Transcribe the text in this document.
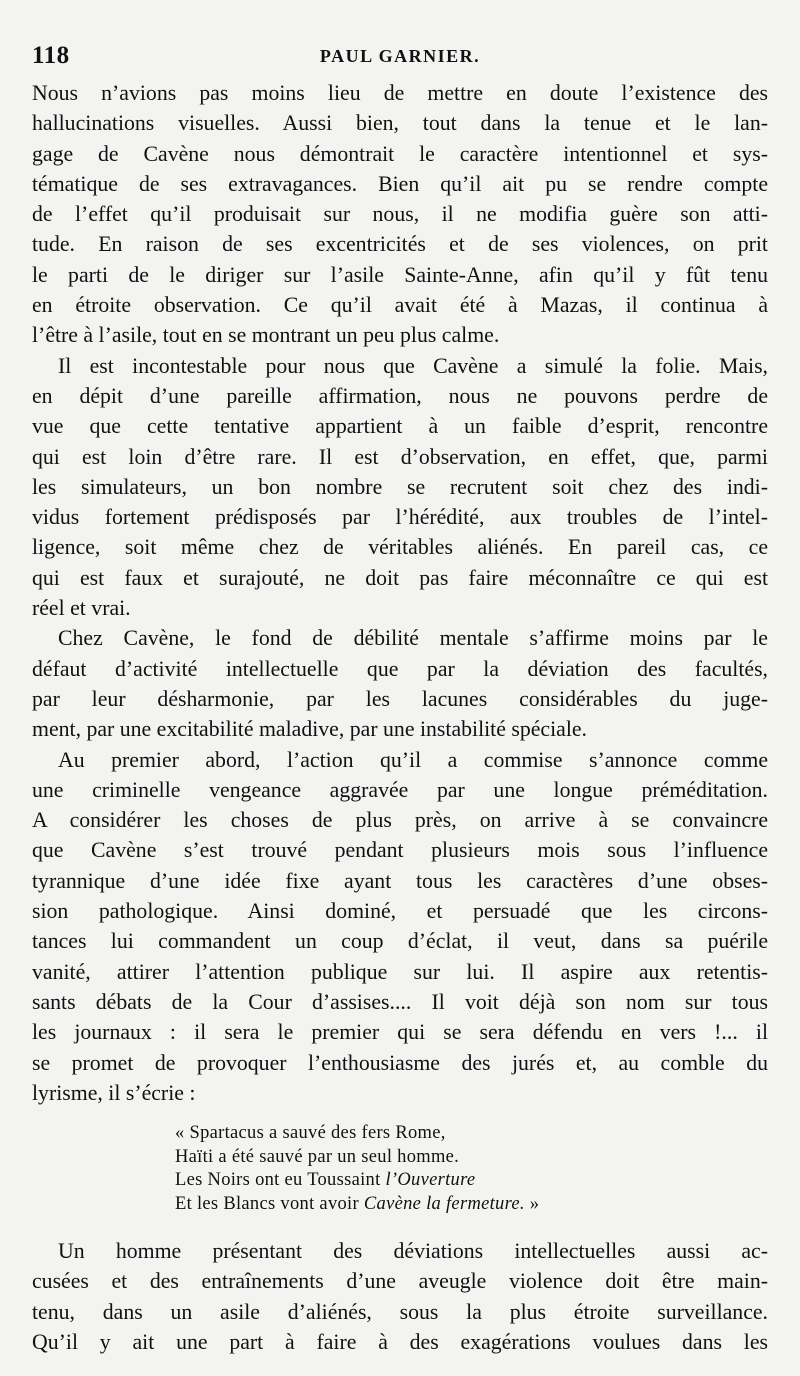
118	PAUL GARNIER.

Nous n’avions pas moins lieu de mettre en doute l’existence des
hallucinations visuelles. Aussi bien, tout dans la tenue et le lan-
gage de Cavène nous démontrait le caractère intentionnel et sys-
tématique de ses extravagances. Bien qu’il ait pu se rendre compte
de l’effet qu’il produisait sur nous, il ne modifia guère son atti-
tude. En raison de ses excentricités et de ses violences, on prit
le parti de le diriger sur l’asile Sainte-Anne, afin qu’il y fût tenu
en étroite observation. Ce qu’il avait été à Mazas, il continua à
l’être à l’asile, tout en se montrant un peu plus calme.

Il est incontestable pour nous que Cavène a simulé la folie. Mais,
en dépit d’une pareille affirmation, nous ne pouvons perdre de
vue que cette tentative appartient à un faible d’esprit, rencontre
qui est loin d’être rare. Il est d’observation, en effet, que, parmi
les simulateurs, un bon nombre se recrutent soit chez des indi-
vidus fortement prédisposés par l’hérédité, aux troubles de l’intel-
ligence, soit même chez de véritables aliénés. En pareil cas, ce
qui est faux et surajouté, ne doit pas faire méconnaître ce qui est
réel et vrai.

Chez Cavène, le fond de débilité mentale s’affirme moins par le
défaut d’activité intellectuelle que par la déviation des facultés,
par leur désharmonie, par les lacunes considérables du juge-
ment, par une excitabilité maladive, par une instabilité spéciale.

Au premier abord, l’action qu’il a commise s’annonce comme
une criminelle vengeance aggravée par une longue préméditation.
A considérer les choses de plus près, on arrive à se convaincre
que Cavène s’est trouvé pendant plusieurs mois sous l’influence
tyrannique d’une idée fixe ayant tous les caractères d’une obses-
sion pathologique. Ainsi dominé, et persuadé que les circons-
tances lui commandent un coup d’éclat, il veut, dans sa puérile
vanité, attirer l’attention publique sur lui. Il aspire aux retentis-
sants débats de la Cour d’assises.... Il voit déjà son nom sur tous
les journaux : il sera le premier qui se sera défendu en vers !... il
se promet de provoquer l’enthousiasme des jurés et, au comble du
lyrisme, il s’écrie :

« Spartacus a sauvé des fers Rome,
Haïti a été sauvé par un seul homme.
Les Noirs ont eu Toussaint l’Ouverture
Et les Blancs vont avoir Cavène la fermeture. »

Un homme présentant des déviations intellectuelles aussi ac-
cusées et des entraînements d’une aveugle violence doit être main-
tenu, dans un asile d’aliénés, sous la plus étroite surveillance.
Qu’il y ait une part à faire à des exagérations voulues dans les
